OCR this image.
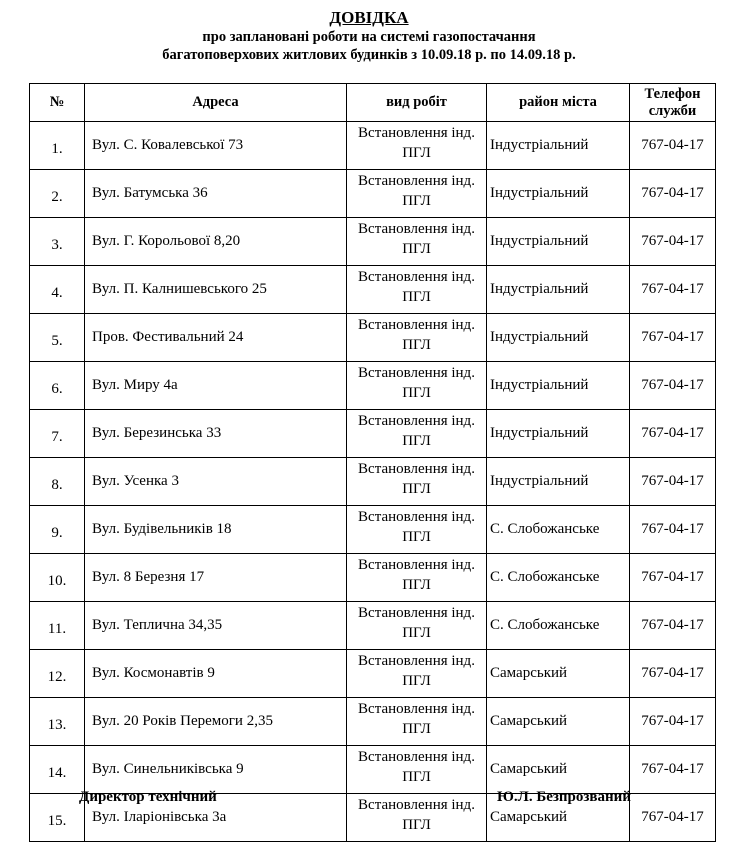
ДОВІДКА
про заплановані роботи на системі газопостачання
багатоповерхових житлових будинків з 10.09.18 р. по 14.09.18 р.
№	Адреса	вид робіт	район міста	Телефон
служби

1.	Вул. С. Ковалевської 73	Встановлення інд.
ПГЛ	Індустріальний	767-04-17
2.	Вул. Батумська 36	Встановлення інд.
ПГЛ	Індустріальний	767-04-17
3.	Вул. Г. Корольової 8,20	Встановлення інд.
ПГЛ	Індустріальний	767-04-17
4.	Вул. П. Калнишевського 25	Встановлення інд.
ПГЛ	Індустріальний	767-04-17
5.	Пров. Фестивальний 24	Встановлення інд.
ПГЛ	Індустріальний	767-04-17
6.	Вул. Миру 4а	Встановлення інд.
ПГЛ	Індустріальний	767-04-17
7.	Вул. Березинська 33	Встановлення інд.
ПГЛ	Індустріальний	767-04-17
8.	Вул. Усенка 3	Встановлення інд.
ПГЛ	Індустріальний	767-04-17
9.	Вул. Будівельників 18	Встановлення інд.
ПГЛ	С. Слобожанське	767-04-17
10.	Вул. 8 Березня 17	Встановлення інд.
ПГЛ	С. Слобожанське	767-04-17
11.	Вул. Теплична 34,35	Встановлення інд.
ПГЛ	С. Слобожанське	767-04-17
12.	Вул. Космонавтів 9	Встановлення інд.
ПГЛ	Самарський	767-04-17
13.	Вул. 20 Років Перемоги 2,35	Встановлення інд.
ПГЛ	Самарський	767-04-17
14.	Вул. Синельниківська 9	Встановлення інд.
ПГЛ	Самарський	767-04-17
15.	Вул. Іларіонівська 3а	Встановлення інд.
ПГЛ	Самарський	767-04-17
Директор технічний	Ю.Л. Безпрозваний
